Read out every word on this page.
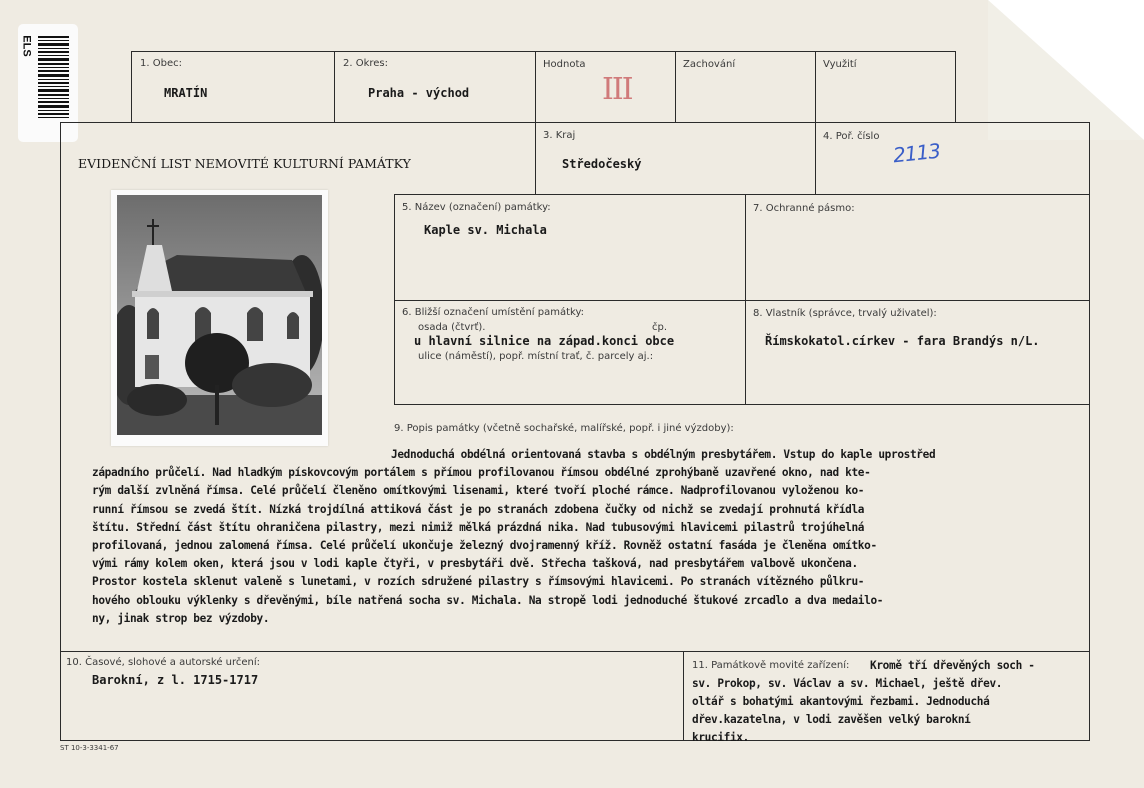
ELS
1. Obec:
MRATÍN
2. Okres:
Praha - východ
Hodnota
III
Zachování	Využití
EVIDENČNÍ LIST NEMOVITÉ KULTURNÍ PAMÁTKY
3. Kraj
Středočeský
4. Poř. číslo
2113
5. Název (označení) památky:
Kaple sv. Michala
7. Ochranné pásmo:
6. Bližší označení umístění památky:
osada (čtvrť).	čp.
u hlavní silnice na západ.konci obce
ulice (náměstí), popř. místní trať, č. parcely aj.:
8. Vlastník (správce, trvalý uživatel):
Římskokatol.církev - fara Brandýs n/L.
9. Popis památky (včetně sochařské, malířské, popř. i jiné výzdoby):
Jednoduchá obdélná orientovaná stavba s obdélným presbytářem. Vstup do kaple uprostřed
západního průčelí. Nad hladkým pískovcovým portálem s přímou profilovanou římsou obdélné zprohýbaně uzavřené okno, nad kte-
rým další zvlněná římsa. Celé průčelí členěno omítkovými lisenami, které tvoří ploché rámce. Nadprofilovanou vyloženou ko-
runní římsou se zvedá štít. Nízká trojdílná attiková část je po stranách zdobena čučky od nichž se zvedají prohnutá křídla
štítu. Střední část štítu ohraničena pilastry, mezi nimiž mělká prázdná nika. Nad tubusovými hlavicemi pilastrů trojúhelná
profilovaná, jednou zalomená římsa. Celé průčelí ukončuje železný dvojramenný kříž. Rovněž ostatní fasáda je členěna omítko-
vými rámy kolem oken, která jsou v lodi kaple čtyři, v presbytáři dvě. Střecha tašková, nad presbytářem valbově ukončena.
Prostor kostela sklenut valeně s lunetami, v rozích sdružené pilastry s římsovými hlavicemi. Po stranách vítězného půlkru-
hového oblouku výklenky s dřevěnými, bíle natřená socha sv. Michala. Na stropě lodi jednoduché štukové zrcadlo a dva medailo-
ny, jinak strop bez výzdoby.
10. Časové, slohové a autorské určení:
Barokní, z l. 1715-1717
11. Památkově movité zařízení:	Kromě tří dřevěných soch -
sv. Prokop, sv. Václav a sv. Michael, ještě dřev.
oltář s bohatými akantovými řezbami. Jednoduchá
dřev.kazatelna, v lodi zavěšen velký barokní
krucifix.
ST 10-3-3341-67
